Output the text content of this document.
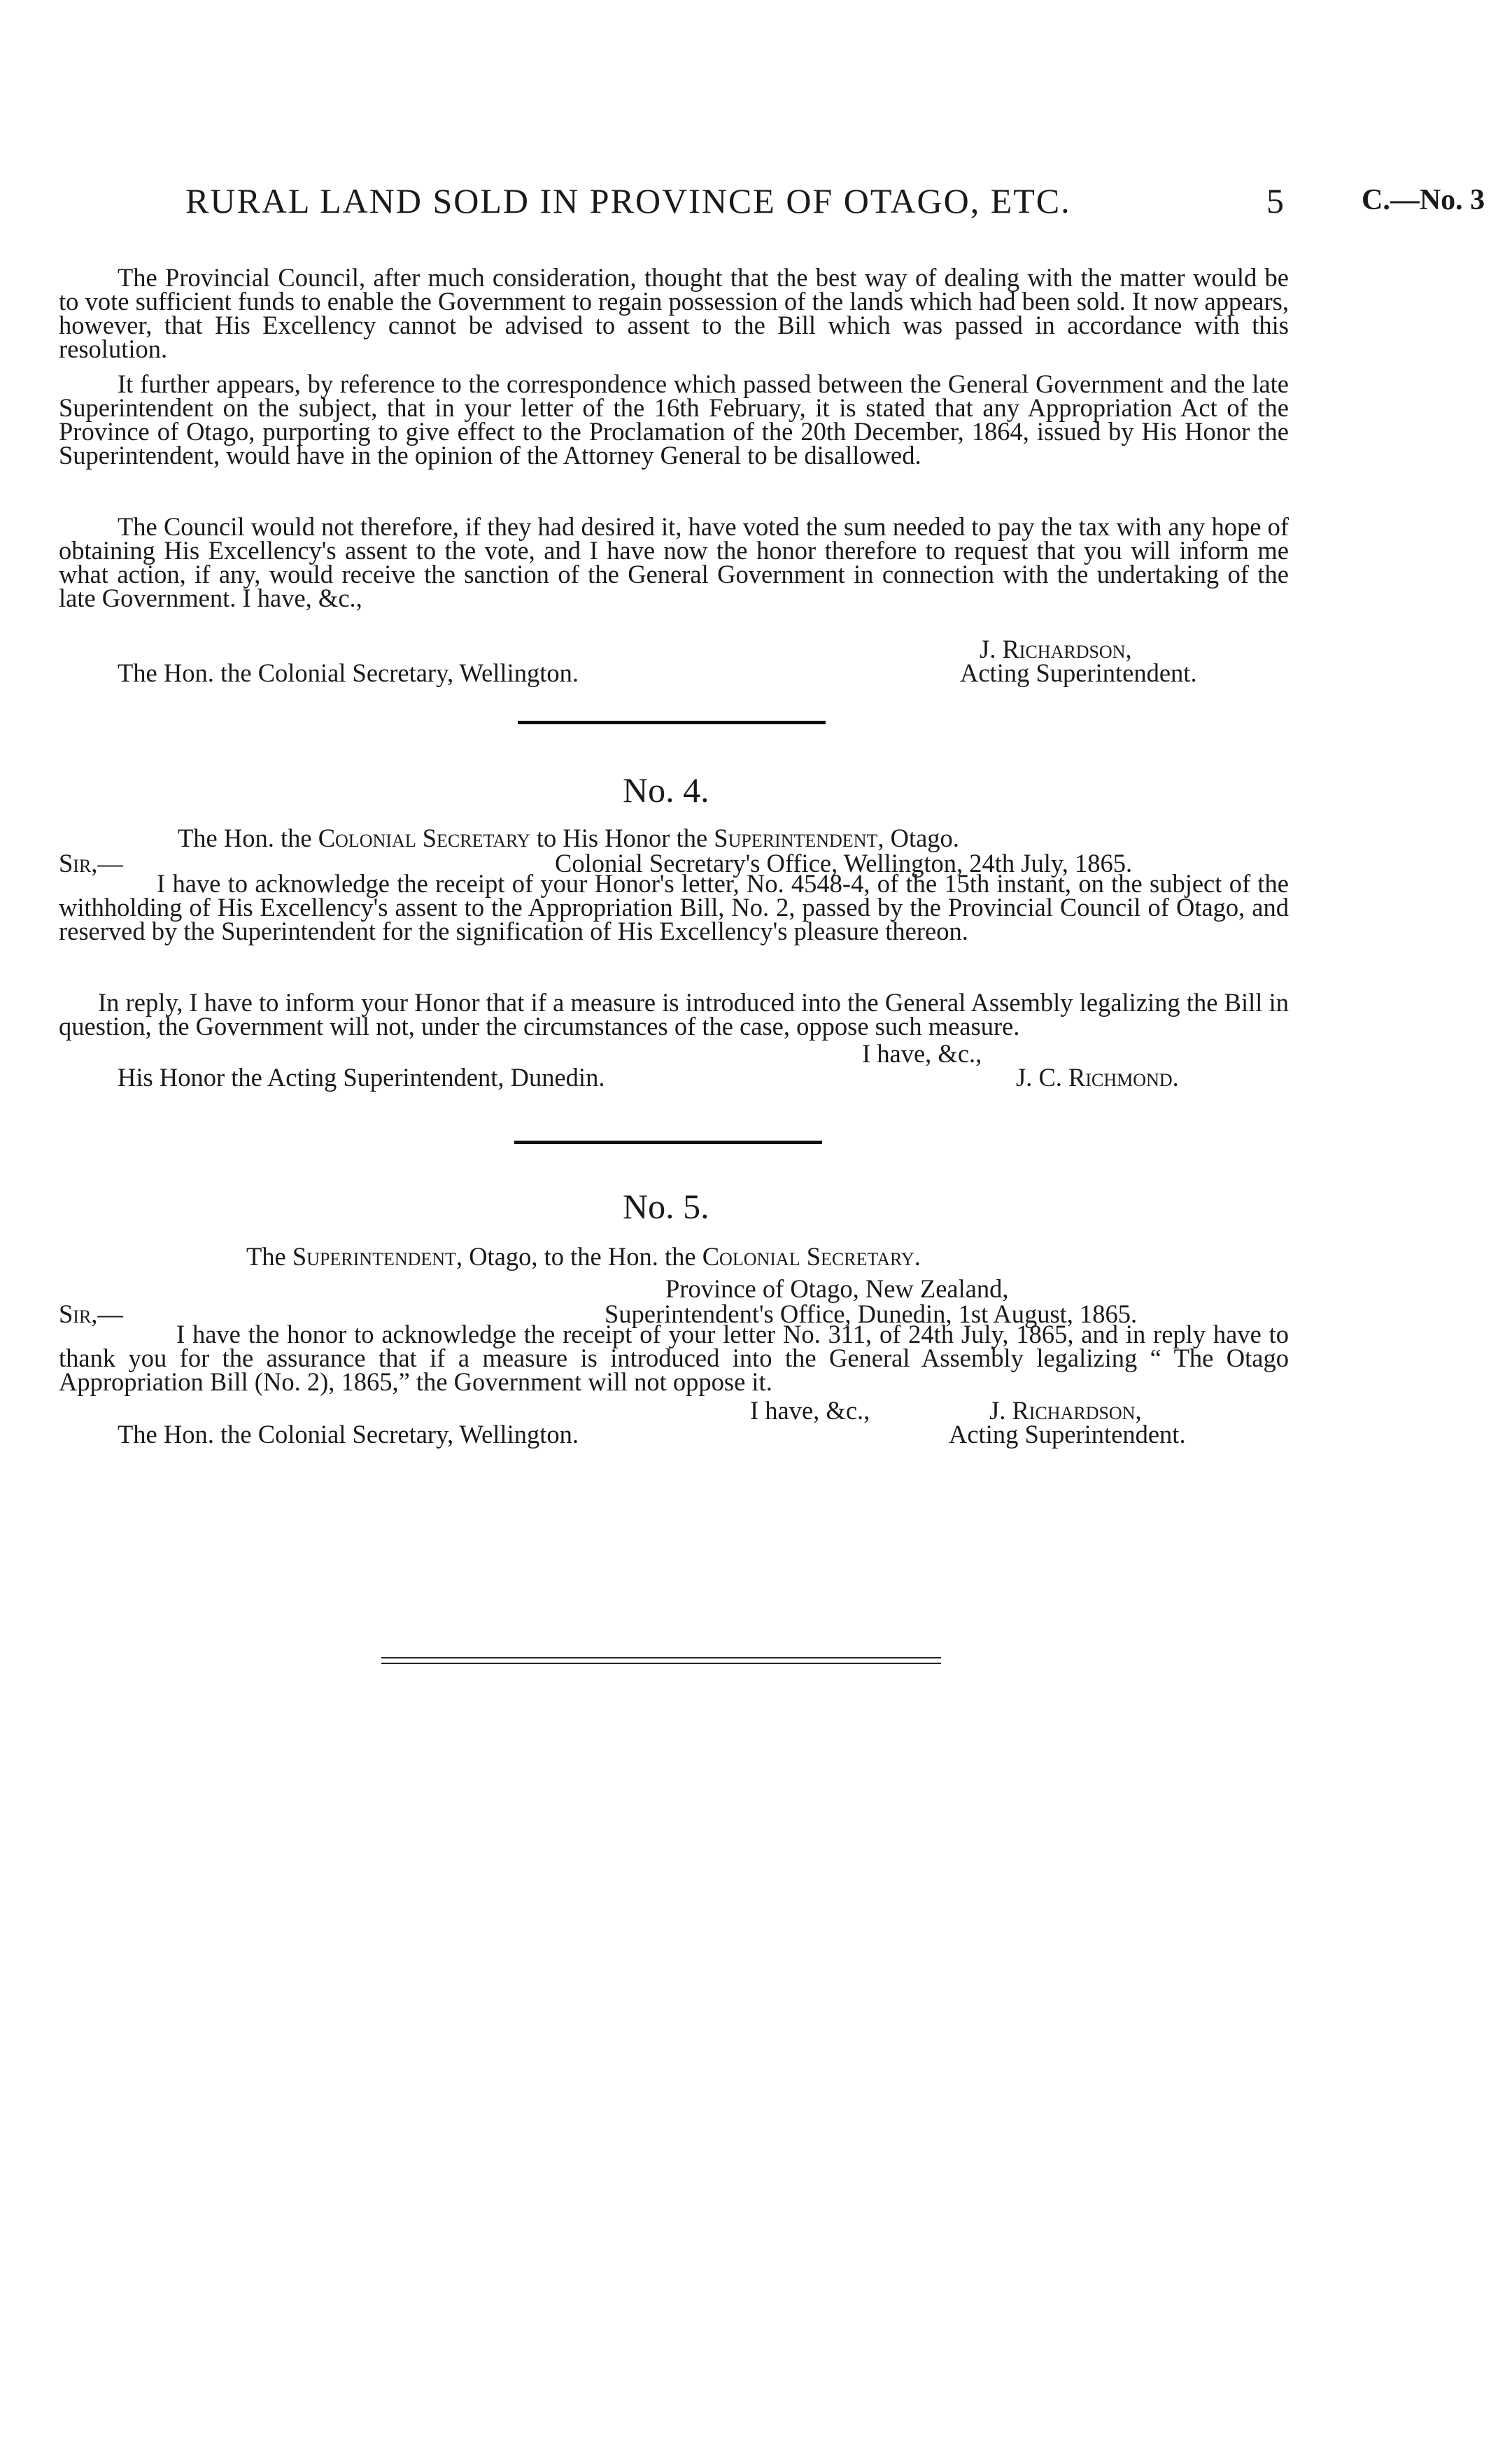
RURAL LAND SOLD IN PROVINCE OF OTAGO, ETC.	5	C.—No. 3
The Provincial Council, after much consideration, thought that the best way of dealing with the matter would be to vote sufficient funds to enable the Government to regain possession of the lands which had been sold. It now appears, however, that His Excellency cannot be advised to assent to the Bill which was passed in accordance with this resolution.
It further appears, by reference to the correspondence which passed between the General Government and the late Superintendent on the subject, that in your letter of the 16th February, it is stated that any Appropriation Act of the Province of Otago, purporting to give effect to the Proclamation of the 20th December, 1864, issued by His Honor the Superintendent, would have in the opinion of the Attorney General to be disallowed.
The Council would not therefore, if they had desired it, have voted the sum needed to pay the tax with any hope of obtaining His Excellency's assent to the vote, and I have now the honor therefore to request that you will inform me what action, if any, would receive the sanction of the General Government in connection with the undertaking of the late Government. I have, &c.,
J. Richardson,
The Hon. the Colonial Secretary, Wellington.	Acting Superintendent.
No. 4.
The Hon. the Colonial Secretary to His Honor the Superintendent, Otago.
Sir,—	Colonial Secretary's Office, Wellington, 24th July, 1865.
I have to acknowledge the receipt of your Honor's letter, No. 4548-4, of the 15th instant, on the subject of the withholding of His Excellency's assent to the Appropriation Bill, No. 2, passed by the Provincial Council of Otago, and reserved by the Superintendent for the signification of His Excellency's pleasure thereon.
In reply, I have to inform your Honor that if a measure is introduced into the General Assembly legalizing the Bill in question, the Government will not, under the circumstances of the case, oppose such measure.
I have, &c.,
His Honor the Acting Superintendent, Dunedin.	J. C. Richmond.
No. 5.
The Superintendent, Otago, to the Hon. the Colonial Secretary.
Province of Otago, New Zealand,
Sir,—	Superintendent's Office, Dunedin, 1st August, 1865.
I have the honor to acknowledge the receipt of your letter No. 311, of 24th July, 1865, and in reply have to thank you for the assurance that if a measure is introduced into the General Assembly legalizing “ The Otago Appropriation Bill (No. 2), 1865,” the Government will not oppose it.
I have, &c.,	J. Richardson,
The Hon. the Colonial Secretary, Wellington.	Acting Superintendent.
